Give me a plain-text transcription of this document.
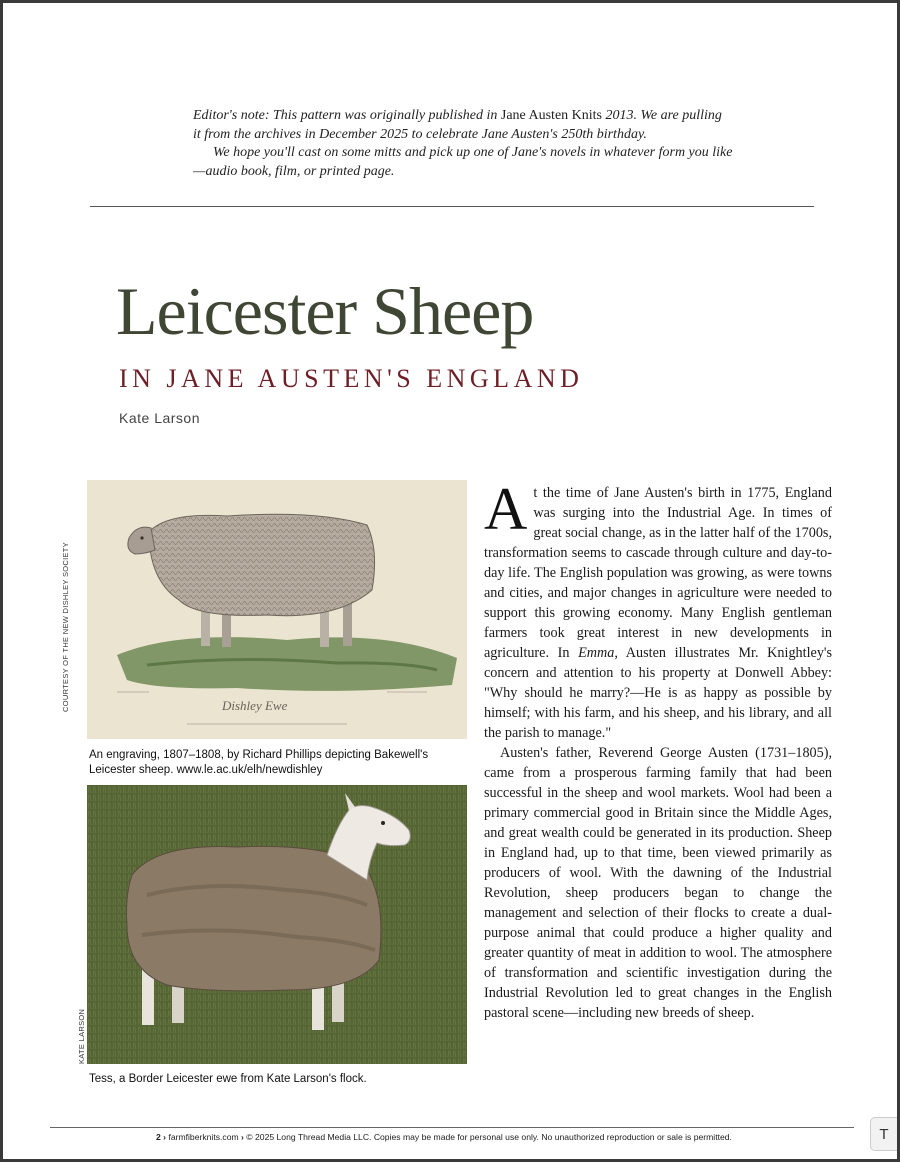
Editor's note: This pattern was originally published in Jane Austen Knits 2013. We are pulling it from the archives in December 2025 to celebrate Jane Austen's 250th birthday.

We hope you'll cast on some mitts and pick up one of Jane's novels in whatever form you like—audio book, film, or printed page.

Leicester Sheep
IN JANE AUSTEN'S ENGLAND
Kate Larson
Dishley Ewe
COURTESY OF THE NEW DISHLEY SOCIETY
An engraving, 1807–1808, by Richard Phillips depicting Bakewell's Leicester sheep. www.le.ac.uk/elh/newdishley
KATE LARSON
Tess, a Border Leicester ewe from Kate Larson's flock.

At the time of Jane Austen's birth in 1775, England was surging into the Industrial Age. In times of great social change, as in the latter half of the 1700s, transformation seems to cascade through culture and day-to-day life. The English population was growing, as were towns and cities, and major changes in agriculture were needed to support this growing economy. Many English gentleman farmers took great interest in new developments in agriculture. In Emma, Austen illustrates Mr. Knightley's concern and attention to his property at Donwell Abbey: "Why should he marry?—He is as happy as possible by himself; with his farm, and his sheep, and his library, and all the parish to manage."

Austen's father, Reverend George Austen (1731–1805), came from a prosperous farming family that had been successful in the sheep and wool markets. Wool had been a primary commercial good in Britain since the Middle Ages, and great wealth could be generated in its production. Sheep in England had, up to that time, been viewed primarily as producers of wool. With the dawning of the Industrial Revolution, sheep producers began to change the management and selection of their flocks to create a dual-purpose animal that could produce a higher quality and greater quantity of meat in addition to wool. The atmosphere of transformation and scientific investigation during the Industrial Revolution led to great changes in the English pastoral scene—including new breeds of sheep.

2 › farmfiberknits.com › © 2025 Long Thread Media LLC. Copies may be made for personal use only. No unauthorized reproduction or sale is permitted.	T
